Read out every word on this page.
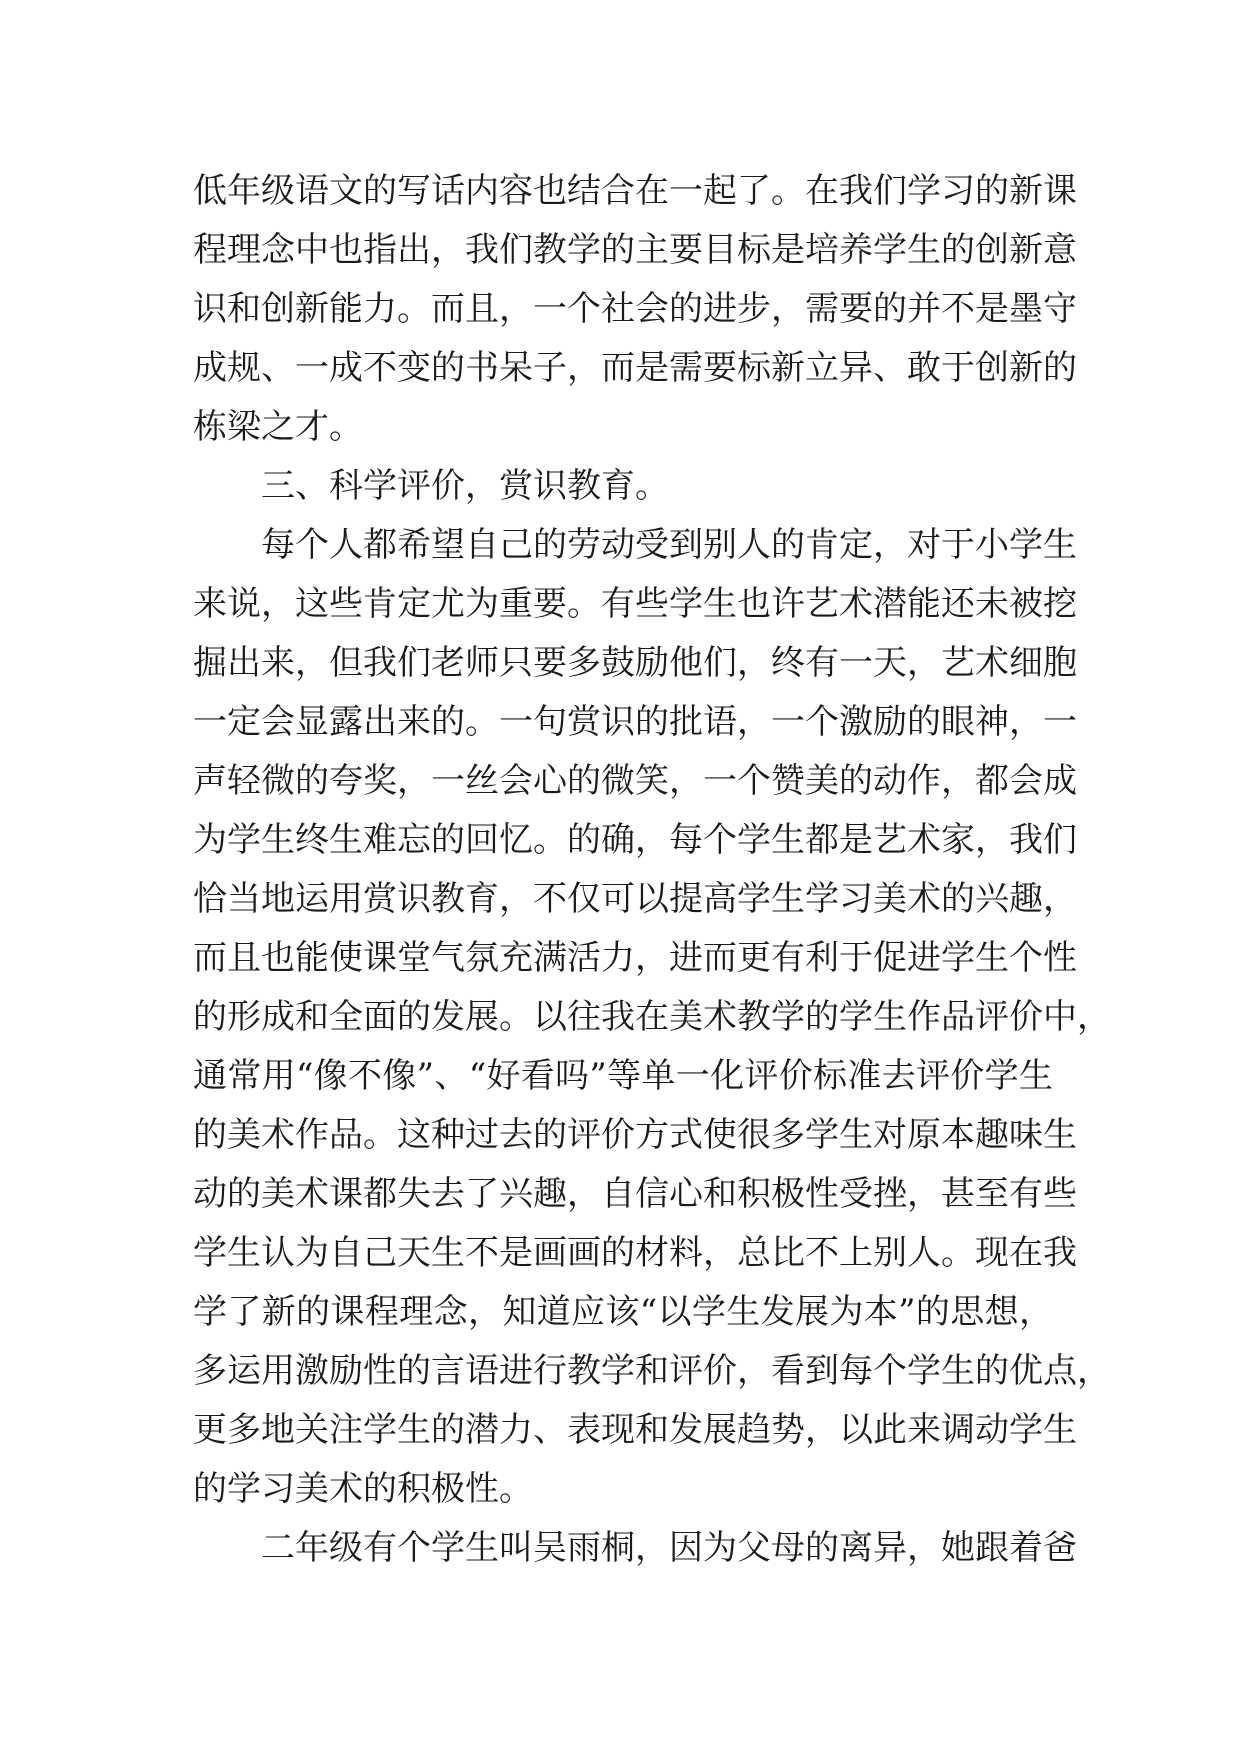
低年级语文的写话内容也结合在一起了。在我们学习的新课
程理念中也指出，我们教学的主要目标是培养学生的创新意
识和创新能力。而且，一个社会的进步，需要的并不是墨守
成规、一成不变的书呆子，而是需要标新立异、敢于创新的
栋梁之才。
三、科学评价，赏识教育。
每个人都希望自己的劳动受到别人的肯定，对于小学生
来说，这些肯定尤为重要。有些学生也许艺术潜能还未被挖
掘出来，但我们老师只要多鼓励他们，终有一天，艺术细胞
一定会显露出来的。一句赏识的批语，一个激励的眼神，一
声轻微的夸奖，一丝会心的微笑，一个赞美的动作，都会成
为学生终生难忘的回忆。的确，每个学生都是艺术家，我们
恰当地运用赏识教育，不仅可以提高学生学习美术的兴趣，
而且也能使课堂气氛充满活力，进而更有利于促进学生个性
的形成和全面的发展。以往我在美术教学的学生作品评价中，
通常用“像不像”、“好看吗”等单一化评价标准去评价学生
的美术作品。这种过去的评价方式使很多学生对原本趣味生
动的美术课都失去了兴趣，自信心和积极性受挫，甚至有些
学生认为自己天生不是画画的材料，总比不上别人。现在我
学了新的课程理念，知道应该“以学生发展为本”的思想，
多运用激励性的言语进行教学和评价，看到每个学生的优点，
更多地关注学生的潜力、表现和发展趋势，以此来调动学生
的学习美术的积极性。
二年级有个学生叫吴雨桐，因为父母的离异，她跟着爸
